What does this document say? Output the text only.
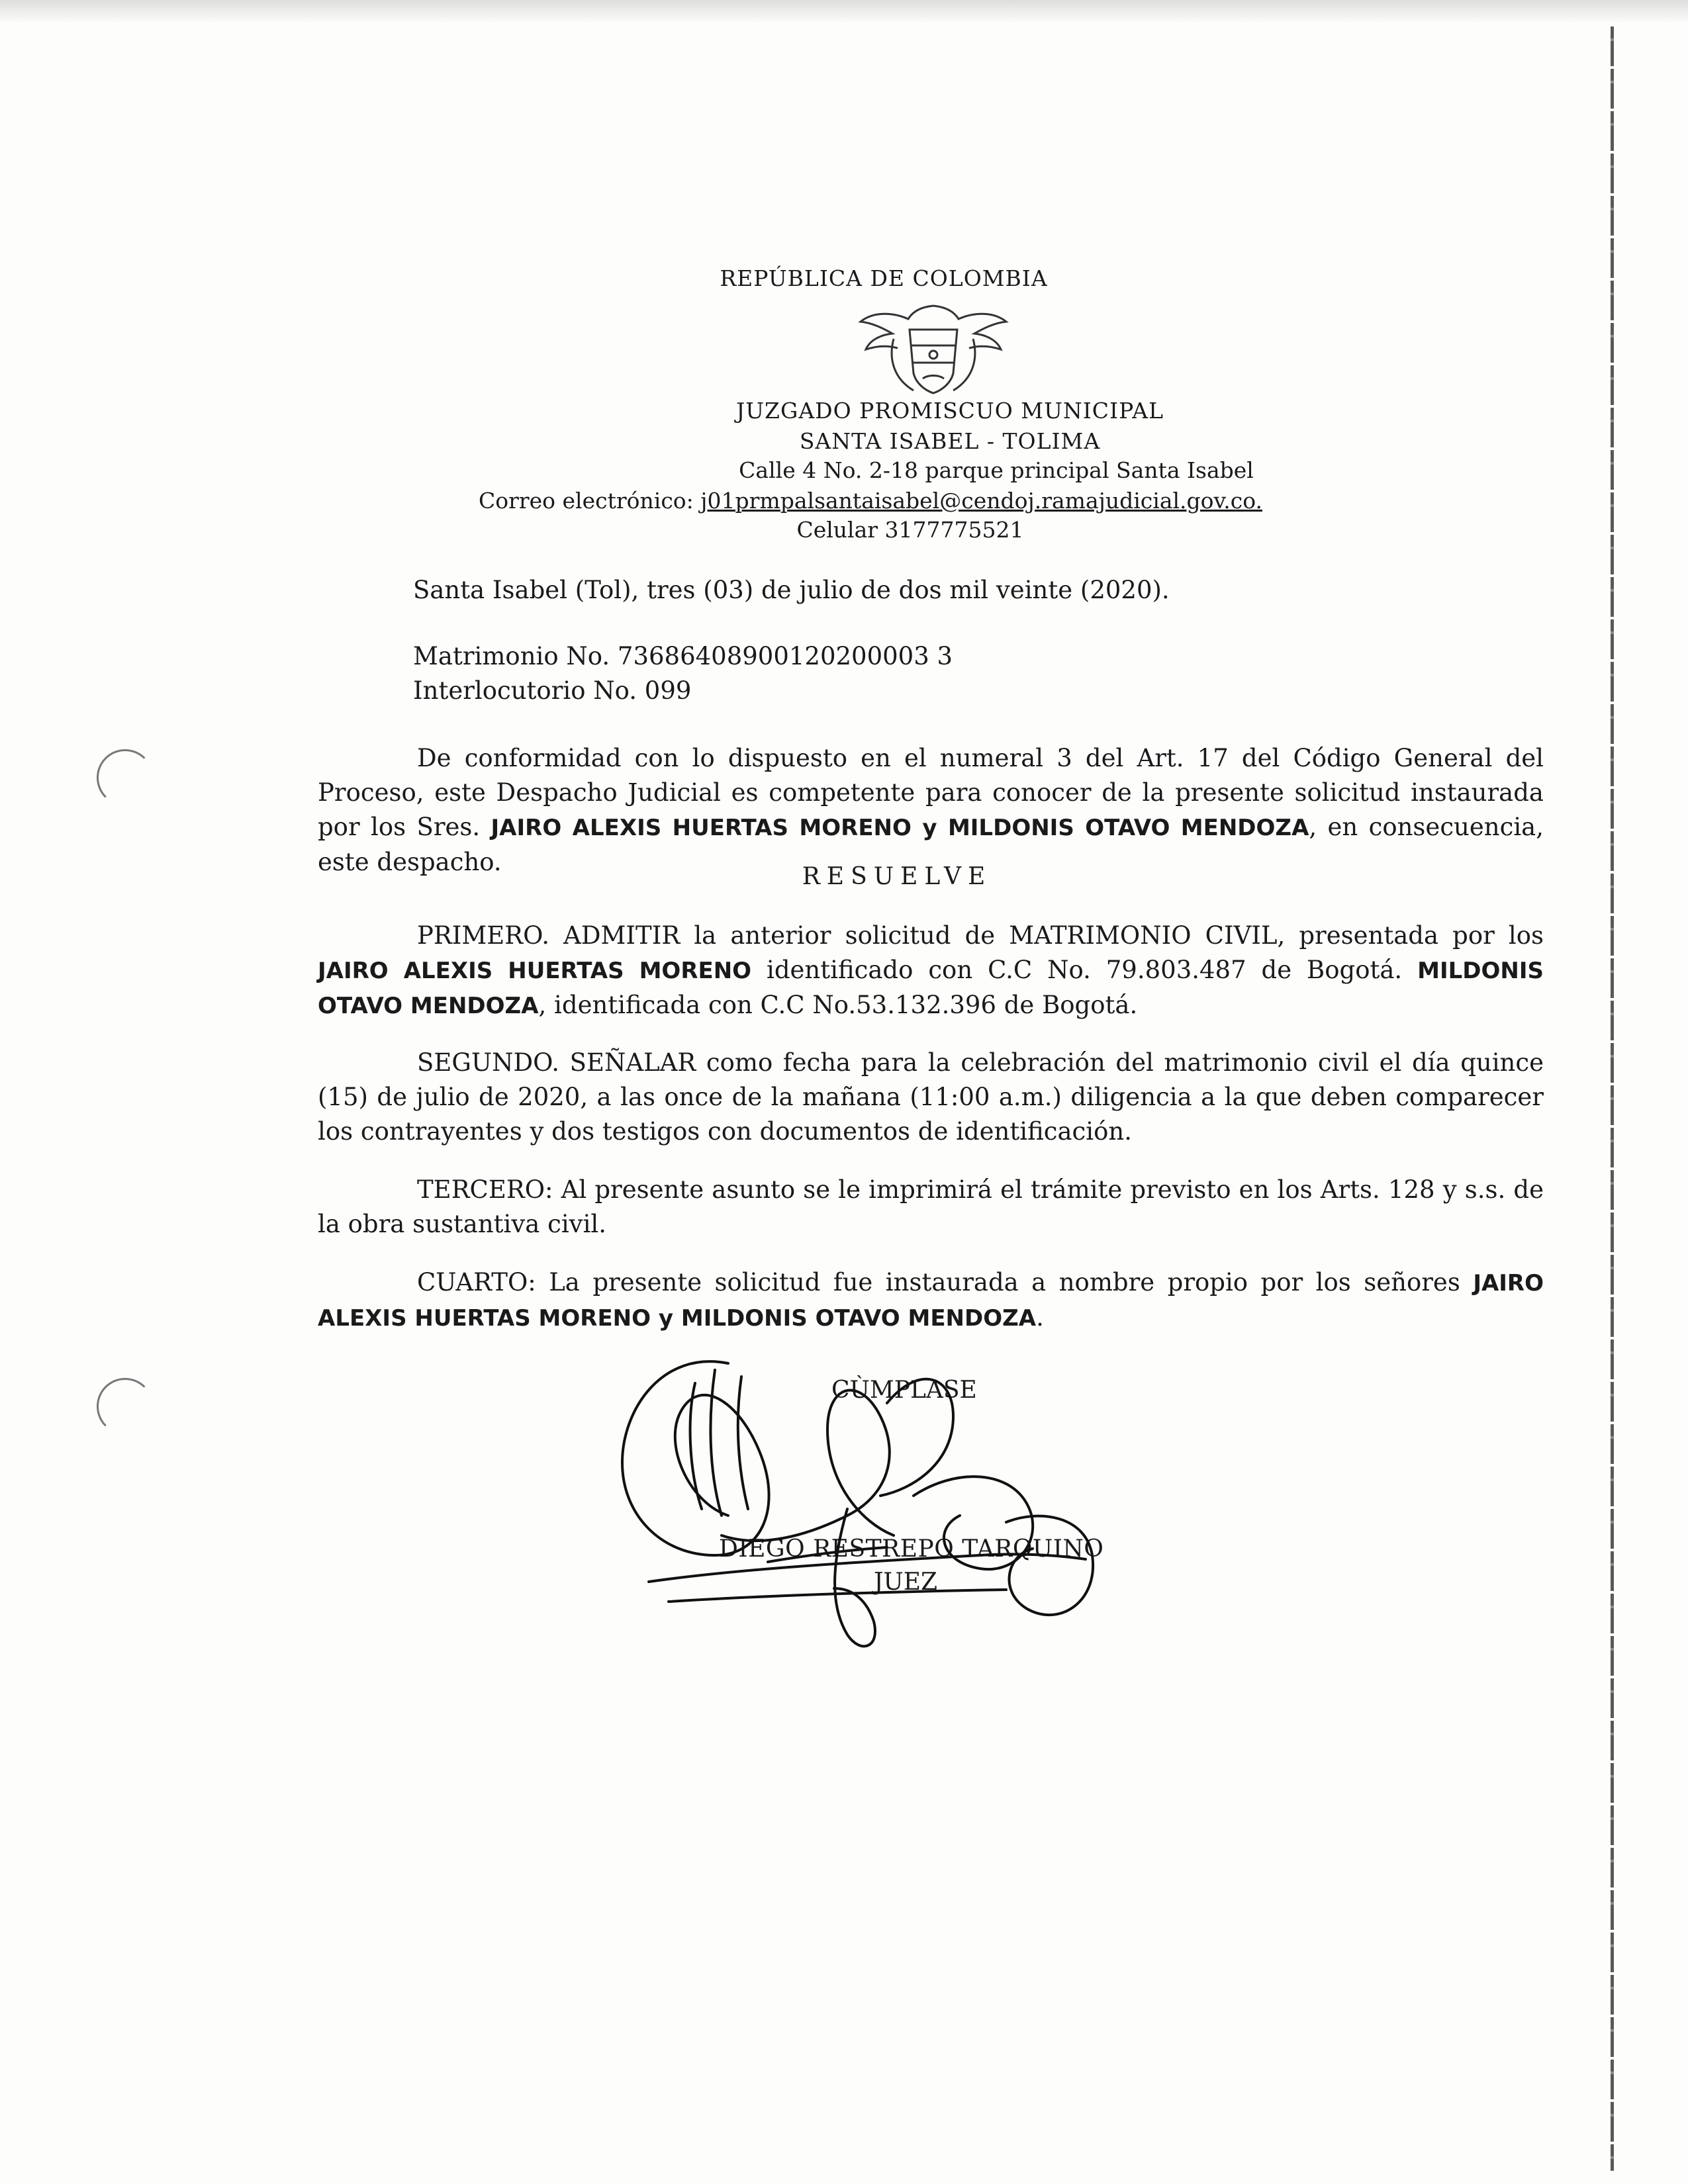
REPÚBLICA DE COLOMBIA
JUZGADO PROMISCUO MUNICIPAL
SANTA ISABEL - TOLIMA
Calle 4 No. 2-18 parque principal Santa Isabel
Correo electrónico: j01prmpalsantaisabel@cendoj.ramajudicial.gov.co.
Celular 3177775521
Santa Isabel (Tol), tres (03) de julio de dos mil veinte (2020).
Matrimonio No. 73686408900120200003 3
Interlocutorio No. 099
De conformidad con lo dispuesto en el numeral 3 del Art. 17 del Código General del Proceso, este Despacho Judicial es competente para conocer de la presente solicitud instaurada por los Sres. JAIRO ALEXIS HUERTAS MORENO y MILDONIS OTAVO MENDOZA, en consecuencia, este despacho.
RESUELVE
PRIMERO. ADMITIR la anterior solicitud de MATRIMONIO CIVIL, presentada por los JAIRO ALEXIS HUERTAS MORENO identificado con C.C No. 79.803.487 de Bogotá. MILDONIS OTAVO MENDOZA, identificada con C.C No.53.132.396 de Bogotá.
SEGUNDO. SEÑALAR como fecha para la celebración del matrimonio civil el día quince (15) de julio de 2020, a las once de la mañana (11:00 a.m.) diligencia a la que deben comparecer los contrayentes y dos testigos con documentos de identificación.
TERCERO: Al presente asunto se le imprimirá el trámite previsto en los Arts. 128 y s.s. de la obra sustantiva civil.
CUARTO: La presente solicitud fue instaurada a nombre propio por los señores JAIRO ALEXIS HUERTAS MORENO y MILDONIS OTAVO MENDOZA.
CÙMPLASE
DIEGO RESTREPO TARQUINO
JUEZ
